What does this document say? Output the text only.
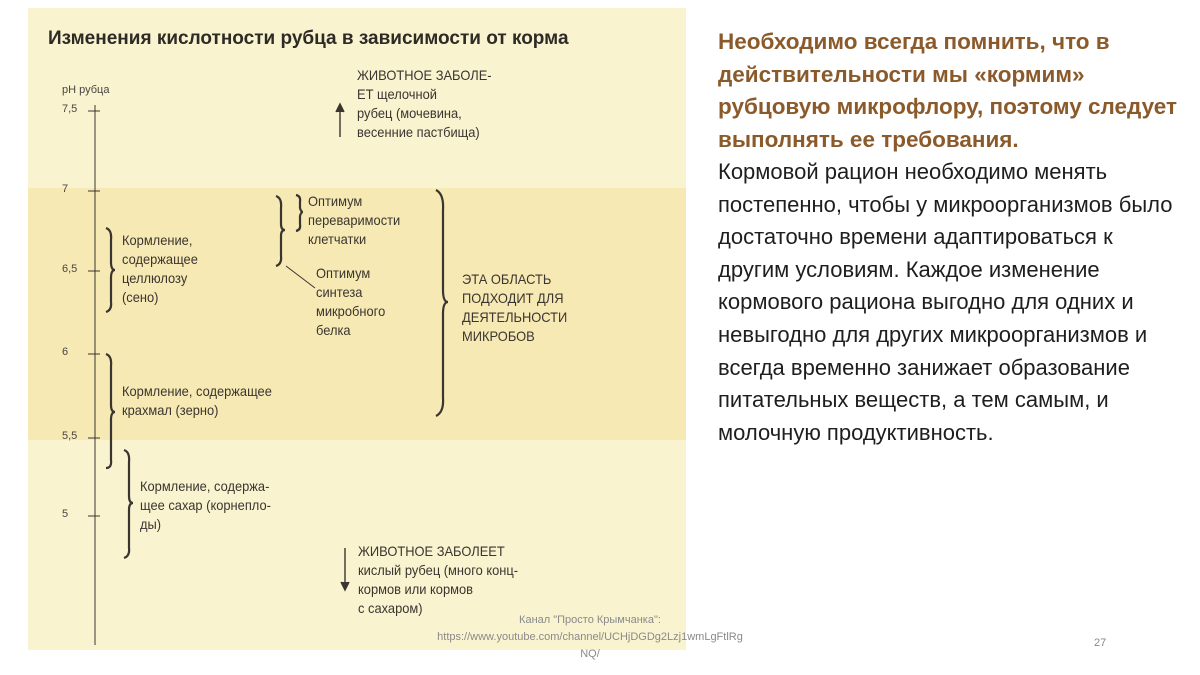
Изменения кислотности рубца в зависимости от корма
pH рубца
7,5
7
6,5
6
5,5
5
ЖИВОТНОЕ ЗАБОЛЕ-
ЕТ щелочной
рубец (мочевина,
весенние пастбища)
Оптимум
переваримости
клетчатки
Оптимум
синтеза
микробного
белка
ЭТА ОБЛАСТЬ
ПОДХОДИТ ДЛЯ
ДЕЯТЕЛЬНОСТИ
МИКРОБОВ
Кормление,
содержащее
целлюлозу
(сено)
Кормление, содержащее
крахмал (зерно)
Кормление, содержа-
щее сахар (корнепло-
ды)
ЖИВОТНОЕ ЗАБОЛЕЕТ
кислый рубец (много конц-
кормов или кормов
с сахаром)
Необходимо всегда помнить, что в действительности мы «кормим» рубцовую микрофлору, поэтому следует выполнять ее требования.
Кормовой рацион необходимо менять постепенно, чтобы у микроорганизмов было достаточно времени адаптироваться к другим условиям. Каждое изменение кормового рациона выгодно для одних и невыгодно для других микроорганизмов и всегда временно занижает образование питательных веществ, а тем самым, и молочную продуктивность.
Канал "Просто Крымчанка":
https://www.youtube.com/channel/UCHjDGDg2Lzj1wmLgFtlRg
NQ/
27
